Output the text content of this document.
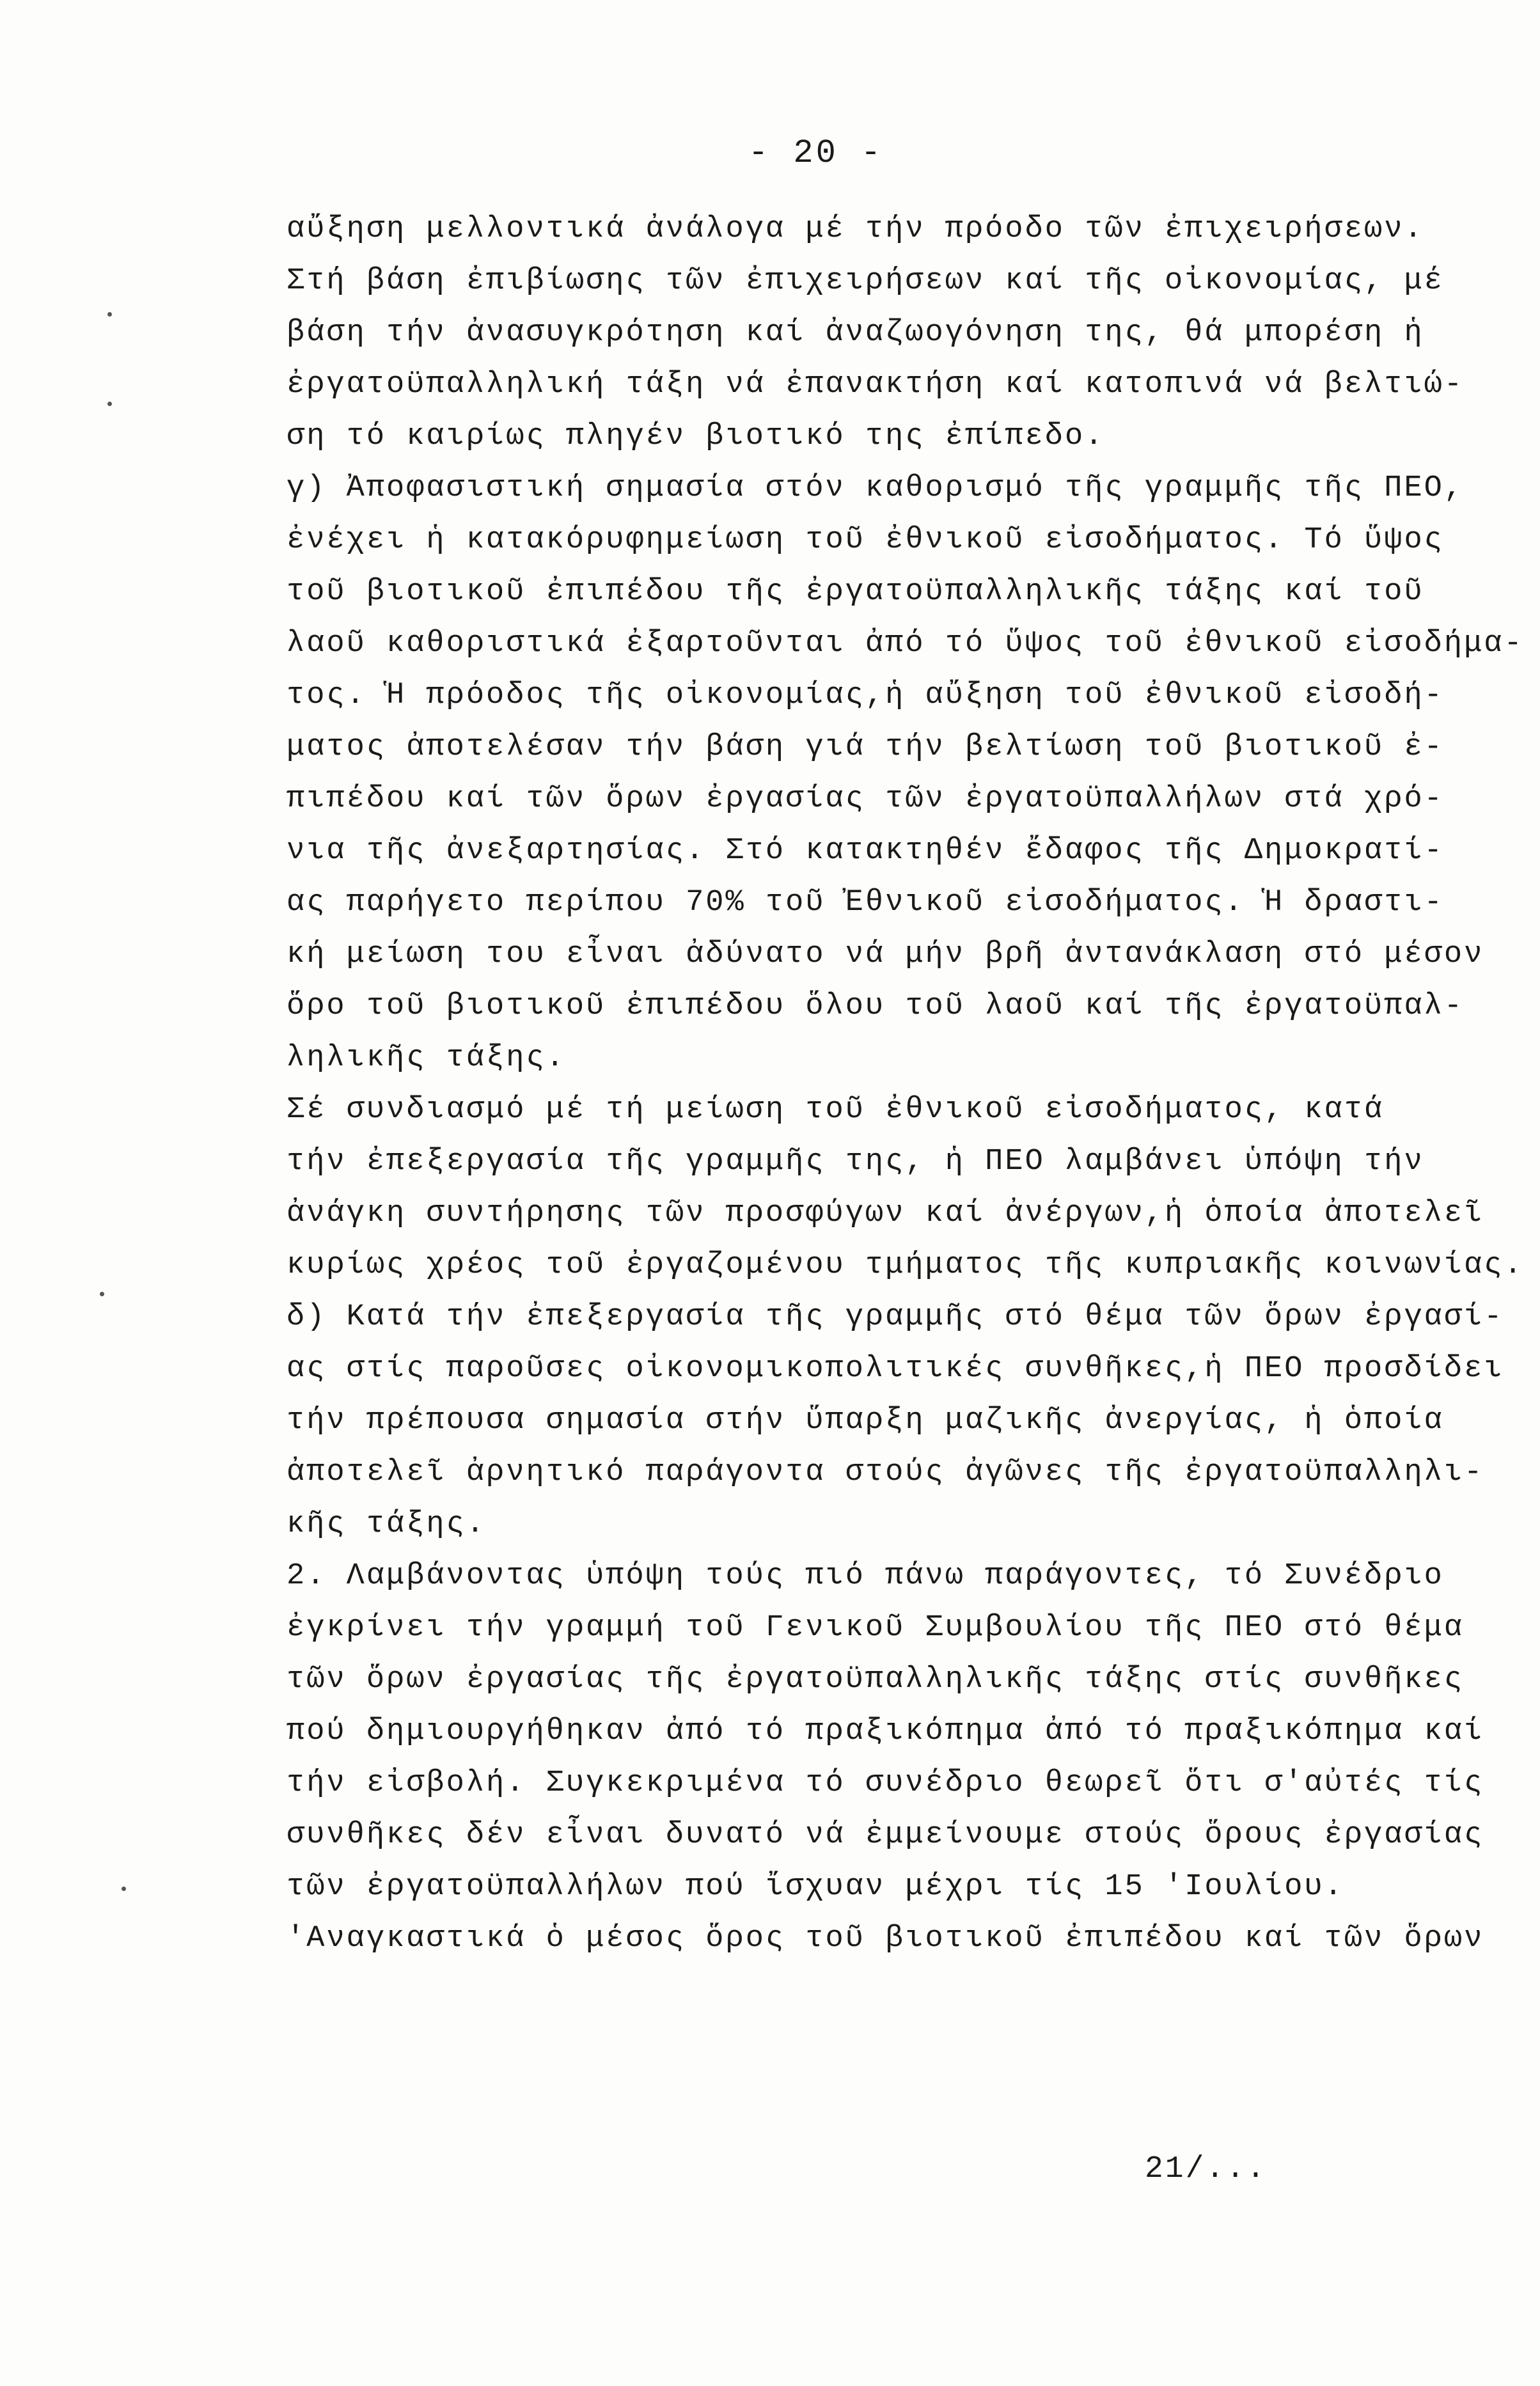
- 20 -
αὔξηση μελλοντικά ἀνάλογα μέ τήν πρόοδο τῶν ἐπιχειρήσεων.
Στή βάση ἐπιβίωσης τῶν ἐπιχειρήσεων καί τῆς οἰκονομίας, μέ
βάση τήν ἀνασυγκρότηση καί ἀναζωογόνηση της, θά μπορέση ἡ
ἐργατοϋπαλληλική τάξη νά ἐπανακτήση καί κατοπινά νά βελτιώ-
ση τό καιρίως πληγέν βιοτικό της ἐπίπεδο.
γ) Ἀποφασιστική σημασία στόν καθορισμό τῆς γραμμῆς τῆς ΠΕΟ,
ἐνέχει ἡ κατακόρυφημείωση τοῦ ἐθνικοῦ εἰσοδήματος. Τό ὕψος
τοῦ βιοτικοῦ ἐπιπέδου τῆς ἐργατοϋπαλληλικῆς τάξης καί τοῦ
λαοῦ καθοριστικά ἐξαρτοῦνται ἀπό τό ὕψος τοῦ ἐθνικοῦ εἰσοδήμα-
τος. Ἡ πρόοδος τῆς οἰκονομίας,ἡ αὔξηση τοῦ ἐθνικοῦ εἰσοδή-
ματος ἀποτελέσαν τήν βάση γιά τήν βελτίωση τοῦ βιοτικοῦ ἐ-
πιπέδου καί τῶν ὅρων ἐργασίας τῶν ἐργατοϋπαλλήλων στά χρό-
νια τῆς ἀνεξαρτησίας. Στό κατακτηθέν ἔδαφος τῆς Δημοκρατί-
ας παρήγετο περίπου 70% τοῦ Ἐθνικοῦ εἰσοδήματος. Ἡ δραστι-
κή μείωση του εἶναι ἀδύνατο νά μήν βρῆ ἀντανάκλαση στό μέσον
ὅρο τοῦ βιοτικοῦ ἐπιπέδου ὅλου τοῦ λαοῦ καί τῆς ἐργατοϋπαλ-
ληλικῆς τάξης.
Σέ συνδιασμό μέ τή μείωση τοῦ ἐθνικοῦ εἰσοδήματος, κατά
τήν ἐπεξεργασία τῆς γραμμῆς της, ἡ ΠΕΟ λαμβάνει ὑπόψη τήν
ἀνάγκη συντήρησης τῶν προσφύγων καί ἀνέργων,ἡ ὁποία ἀποτελεῖ
κυρίως χρέος τοῦ ἐργαζομένου τμήματος τῆς κυπριακῆς κοινωνίας.
δ) Κατά τήν ἐπεξεργασία τῆς γραμμῆς στό θέμα τῶν ὅρων ἐργασί-
ας στίς παροῦσες οἰκονομικοπολιτικές συνθῆκες,ἡ ΠΕΟ προσδίδει
τήν πρέπουσα σημασία στήν ὕπαρξη μαζικῆς ἀνεργίας, ἡ ὁποία
ἀποτελεῖ ἀρνητικό παράγοντα στούς ἀγῶνες τῆς ἐργατοϋπαλληλι-
κῆς τάξης.
2. Λαμβάνοντας ὑπόψη τούς πιό πάνω παράγοντες, τό Συνέδριο
ἐγκρίνει τήν γραμμή τοῦ Γενικοῦ Συμβουλίου τῆς ΠΕΟ στό θέμα
τῶν ὅρων ἐργασίας τῆς ἐργατοϋπαλληλικῆς τάξης στίς συνθῆκες
πού δημιουργήθηκαν ἀπό τό πραξικόπημα ἀπό τό πραξικόπημα καί
τήν εἰσβολή. Συγκεκριμένα τό συνέδριο θεωρεῖ ὅτι σ'αὐτές τίς
συνθῆκες δέν εἶναι δυνατό νά ἐμμείνουμε στούς ὅρους ἐργασίας
τῶν ἐργατοϋπαλλήλων πού ἴσχυαν μέχρι τίς 15 'Ιουλίου.
'Αναγκαστικά ὁ μέσος ὅρος τοῦ βιοτικοῦ ἐπιπέδου καί τῶν ὅρων
21/...
